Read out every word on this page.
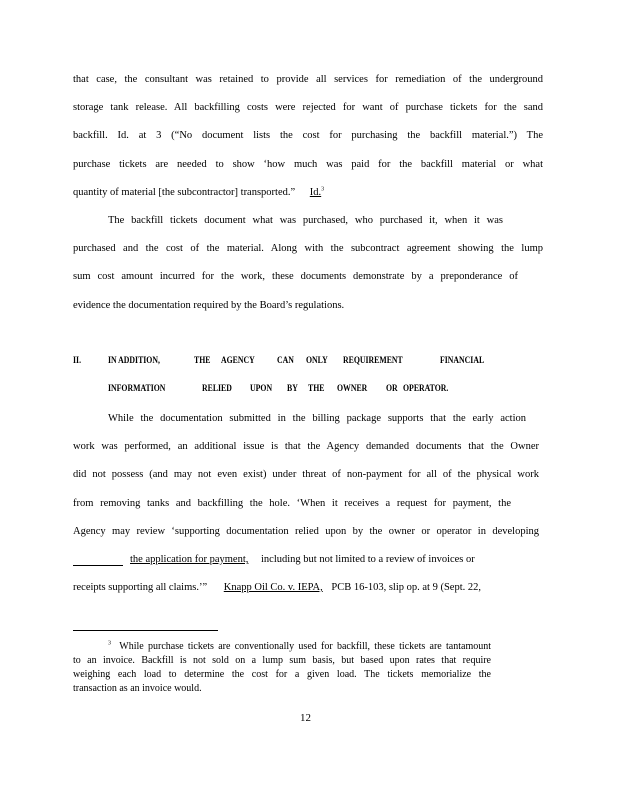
that case, the consultant was retained to provide all services for remediation of the underground
storage tank release. All backfilling costs were rejected for want of purchase tickets for the sand
backfill. Id. at 3 (“No document lists the cost for purchasing the backfill material.”) The
purchase tickets are needed to show ‘how much was paid for the backfill material or what
quantity of material [the subcontractor] transported.” Id.$^3$
The backfill tickets document what was purchased, who purchased it, when it was
purchased and the cost of the material. Along with the subcontract agreement showing the lump
sum cost amount incurred for the work, these documents demonstrate by a preponderance of
evidence the documentation required by the Board’s regulations.
II.	IN ADDITION,	THE AGENCY CAN ONLY REQUIREMENT	FINANCIAL
INFORMATION	RELIED UPON BY THE OWNER OR OPERATOR.
While the documentation submitted in the billing package supports that the early action
work was performed, an additional issue is that the Agency demanded documents that the Owner
did not possess (and may not even exist) under threat of non-payment for all of the physical work
from removing tanks and backfilling the hole. ‘When it receives a request for payment, the
Agency may review ‘supporting documentation relied upon by the owner or operator in developing
the application for payment, including but not limited to a review of invoices or
receipts supporting all claims.’” Knapp Oil Co. v. IEPA, PCB 16-103, slip op. at 9 (Sept. 22,
$^3$ While purchase tickets are conventionally used for backfill, these tickets are tantamount
to an invoice. Backfill is not sold on a lump sum basis, but based upon rates that require
weighing each load to determine the cost for a given load. The tickets memorialize the
transaction as an invoice would.
12
